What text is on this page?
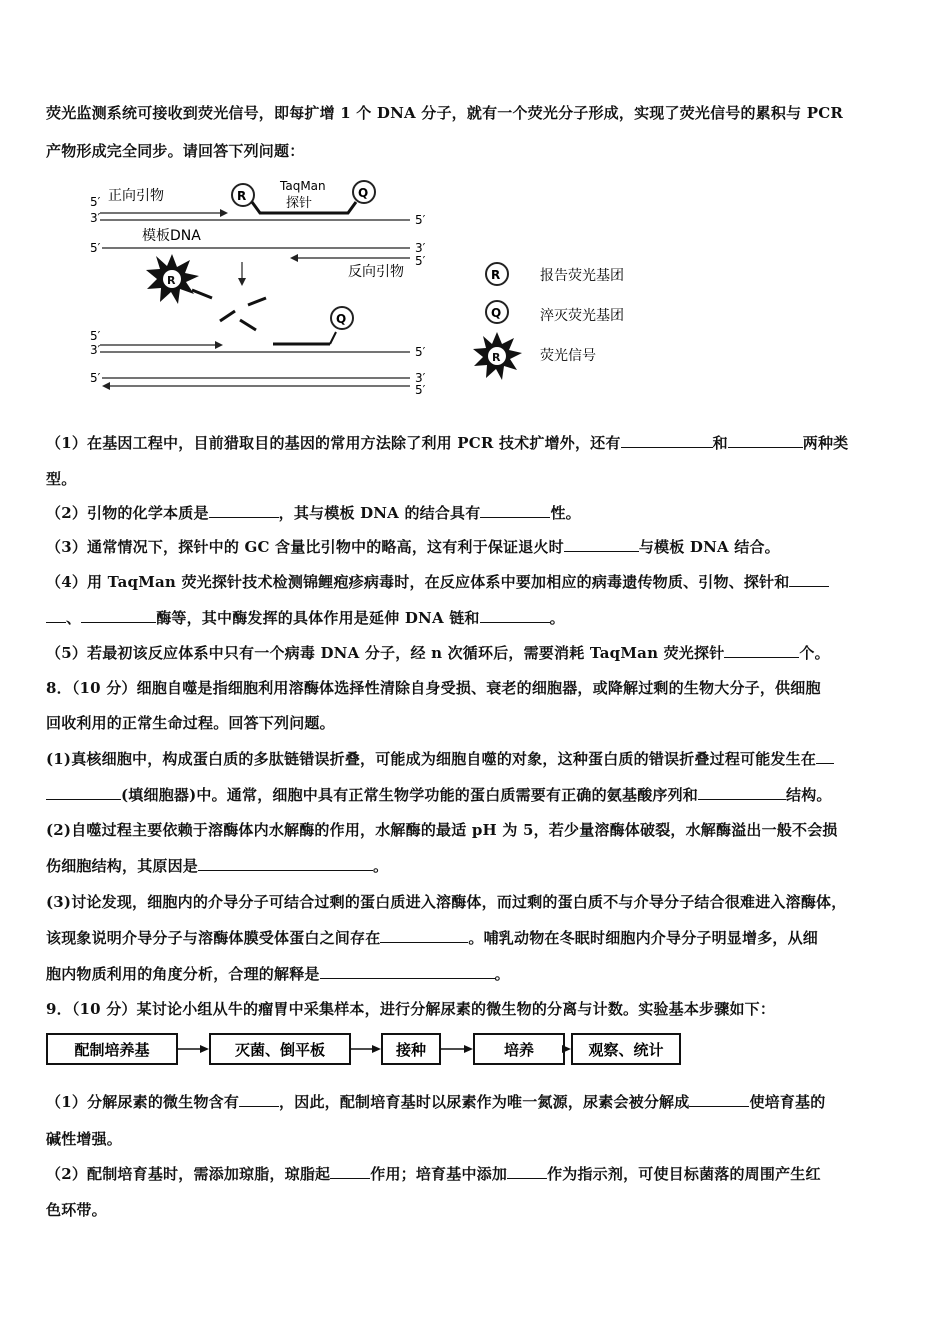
荧光监测系统可接收到荧光信号，即每扩增 1 个 DNA 分子，就有一个荧光分子形成，实现了荧光信号的累积与 PCR
产物形成完全同步。请回答下列问题：
5′
3′
正向引物	R	Q
TaqMan
探针
5′
5′
模板DNA
3′
5′
反向引物
R
Q
5′
3′	5′
5′	3′
5′
R	报告荧光基团
Q	淬灭荧光基团
R	荧光信号
（1）在基因工程中，目前猎取目的基因的常用方法除了利用 PCR 技术扩增外，还有	和	两种类
型。
（2）引物的化学本质是	，其与模板 DNA 的结合具有	性。
（3）通常情况下，探针中的 GC 含量比引物中的略高，这有利于保证退火时	与模板 DNA 结合。
（4）用 TaqMan 荧光探针技术检测锦鲤疱疹病毒时，在反应体系中要加相应的病毒遗传物质、引物、探针和
、	酶等，其中酶发挥的具体作用是延伸 DNA 链和	。
（5）若最初该反应体系中只有一个病毒 DNA 分子，经 n 次循环后，需要消耗 TaqMan 荧光探针	个。
8．（10 分）细胞自噬是指细胞利用溶酶体选择性清除自身受损、衰老的细胞器，或降解过剩的生物大分子，供细胞
回收利用的正常生命过程。回答下列问题。
(1)真核细胞中，构成蛋白质的多肽链错误折叠，可能成为细胞自噬的对象，这种蛋白质的错误折叠过程可能发生在
(填细胞器)中。通常，细胞中具有正常生物学功能的蛋白质需要有正确的氨基酸序列和	结构。
(2)自噬过程主要依赖于溶酶体内水解酶的作用，水解酶的最适 pH 为 5，若少量溶酶体破裂，水解酶溢出一般不会损
伤细胞结构，其原因是	。
(3)讨论发现，细胞内的介导分子可结合过剩的蛋白质进入溶酶体，而过剩的蛋白质不与介导分子结合很难进入溶酶体，
该现象说明介导分子与溶酶体膜受体蛋白之间存在	。哺乳动物在冬眠时细胞内介导分子明显增多，从细
胞内物质利用的角度分析，合理的解释是	。
9．（10 分）某讨论小组从牛的瘤胃中采集样本，进行分解尿素的微生物的分离与计数。实验基本步骤如下：
配制培养基	灭菌、倒平板	接种	培养	观察、统计
（1）分解尿素的微生物含有	，因此，配制培育基时以尿素作为唯一氮源，尿素会被分解成	使培育基的
碱性增强。
（2）配制培育基时，需添加琼脂，琼脂起	作用；培育基中添加	作为指示剂，可使目标菌落的周围产生红
色环带。
